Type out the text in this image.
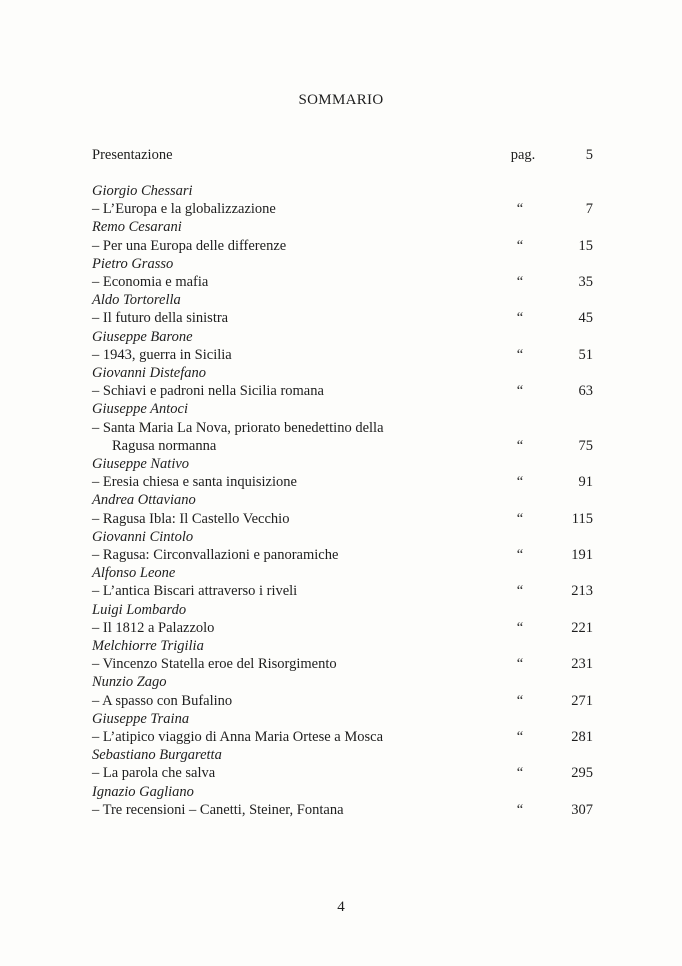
SOMMARIO
Presentazione	pag.	5
Giorgio Chessari
– L’Europa e la globalizzazione	“	7
Remo Cesarani
– Per una Europa delle differenze	“	15
Pietro Grasso
– Economia e mafia	“	35
Aldo Tortorella
– Il futuro della sinistra	“	45
Giuseppe Barone
– 1943, guerra in Sicilia	“	51
Giovanni Distefano
– Schiavi e padroni nella Sicilia romana	“	63
Giuseppe Antoci
– Santa Maria La Nova, priorato benedettino della
Ragusa normanna	“	75
Giuseppe Nativo
– Eresia chiesa e santa inquisizione	“	91
Andrea Ottaviano
– Ragusa Ibla: Il Castello Vecchio	“	115
Giovanni Cintolo
– Ragusa: Circonvallazioni e panoramiche	“	191
Alfonso Leone
– L’antica Biscari attraverso i riveli	“	213
Luigi Lombardo
– Il 1812 a Palazzolo	“	221
Melchiorre Trigilia
– Vincenzo Statella eroe del Risorgimento	“	231
Nunzio Zago
– A spasso con Bufalino	“	271
Giuseppe Traina
– L’atipico viaggio di Anna Maria Ortese a Mosca	“	281
Sebastiano Burgaretta
– La parola che salva	“	295
Ignazio Gagliano
– Tre recensioni – Canetti, Steiner, Fontana	“	307
4
